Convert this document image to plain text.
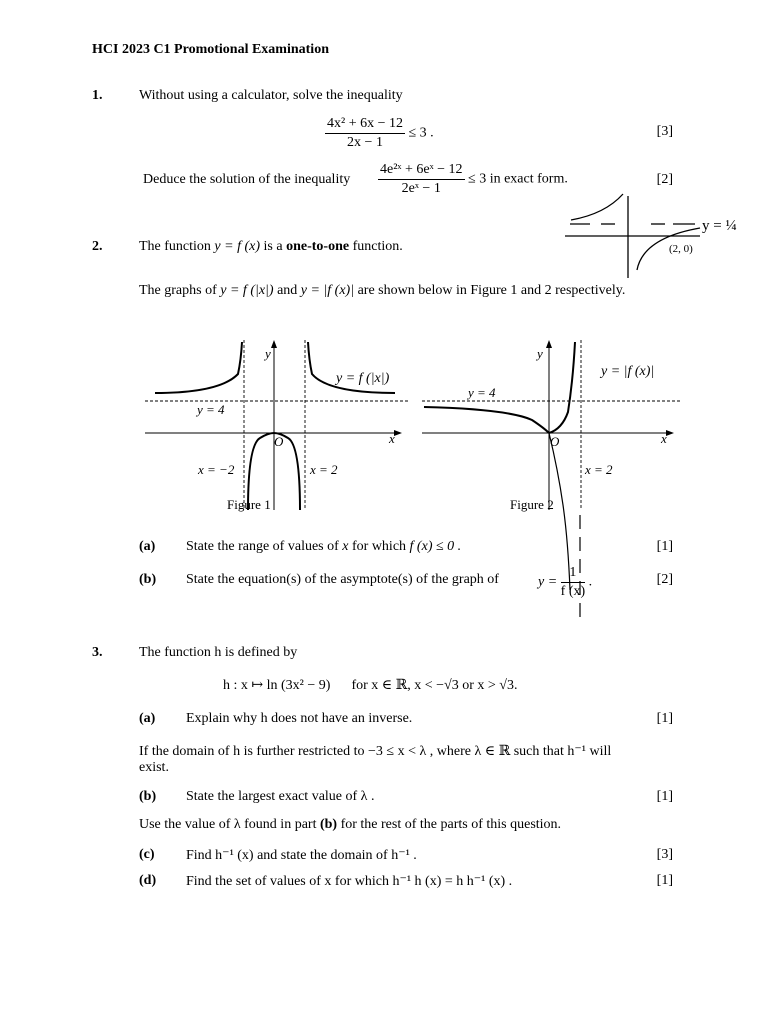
HCI 2023 C1 Promotional Examination
1.	Without using a calculator, solve the inequality
$\frac{\text{4x² + 6x − 12}}{2x - 1} \le 3$ .	[3]
Deduce the solution of the inequality $\frac{\text{4e²ˣ + 6eˣ − 12}}{\text{2eˣ − 1}} \le 3$ in exact form.	[2]
y = ¼
(2, 0)
2.	The function y = f (x) is a one-to-one function.
The graphs of y = f (|x|) and y = |f (x)| are shown below in Figure 1 and 2 respectively.
y
x
O
y = 4
y = f (|x|)
x = −2	x = 2
Figure 1
y
x
O
y = 4
y = |f (x)|
x = 2
Figure 2
(a) State the range of values of x for which f (x) ≤ 0 .	[1]
(b) State the equation(s) of the asymptote(s) of the graph of	$y = \frac{1}{f (x)}$ .	[2]
3.	The function h is defined by
h : x ↦ ln (3x² − 9) for x ∈ ℝ, x < −√3 or x > √3.
(a) Explain why h does not have an inverse.	[1]
If the domain of h is further restricted to −3 ≤ x < λ , where λ ∈ ℝ such that h⁻¹ will
exist.
(b) State the largest exact value of λ .	[1]
Use the value of λ found in part (b) for the rest of the parts of this question.
(c) Find h⁻¹ (x) and state the domain of h⁻¹ .	[3]
(d) Find the set of values of x for which h⁻¹ h (x) = h h⁻¹ (x) .	[1]
